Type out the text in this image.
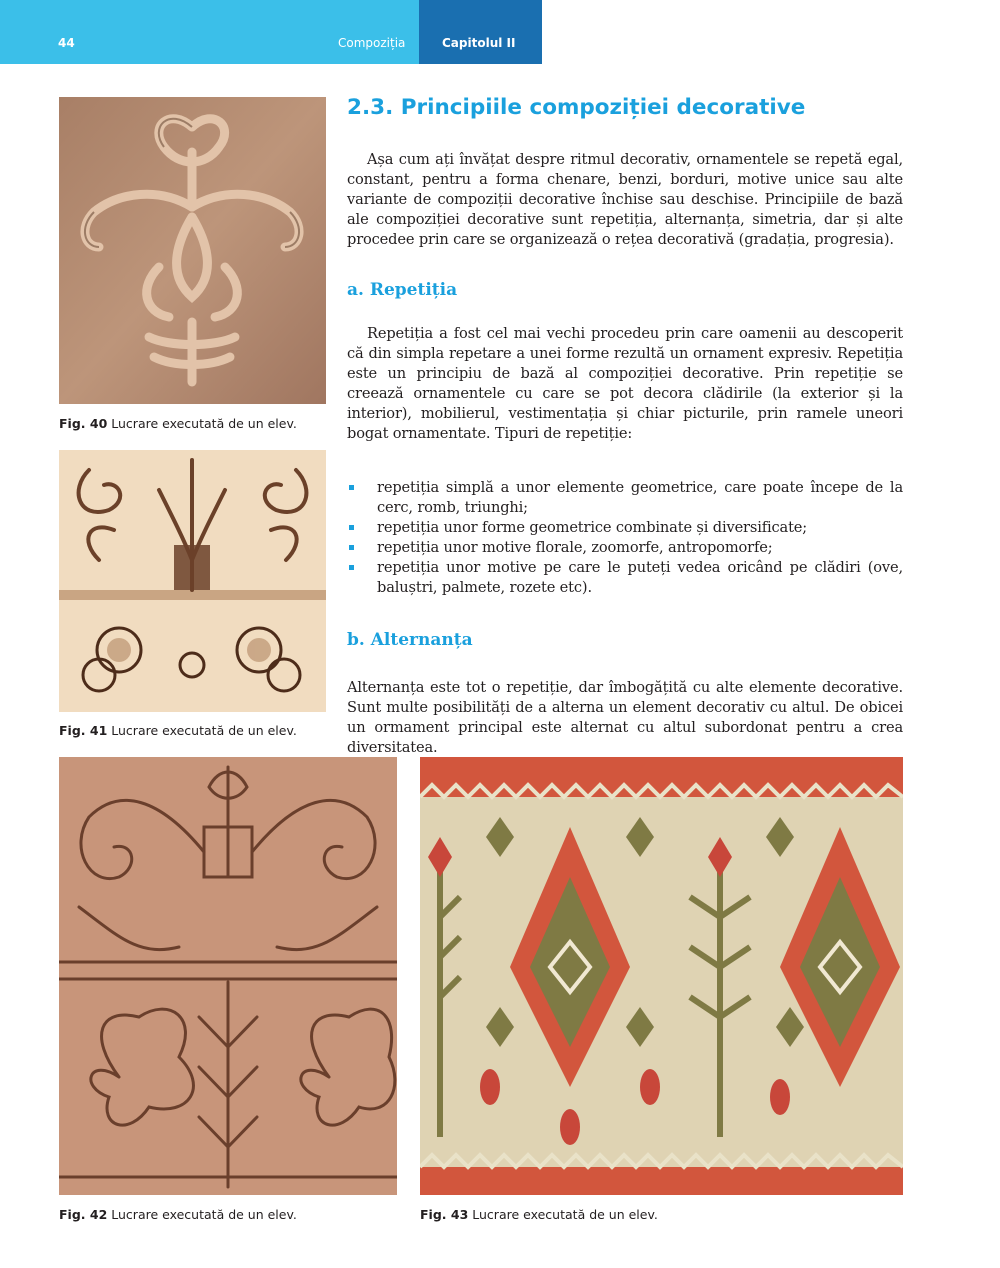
44	Compoziția	Capitolul II
Fig. 40 Lucrare executată de un elev.
Fig. 41 Lucrare executată de un elev.
Fig. 42 Lucrare executată de un elev.	Fig. 43 Lucrare executată de un elev.
2.3. Principiile compoziției decorative

Așa cum ați învățat despre ritmul decorativ, ornamentele se repetă egal, constant, pentru a forma chenare, benzi, borduri, motive unice sau alte variante de compoziții decorative închise sau deschise. Principiile de bază ale compoziției decorative sunt repetiția, alternanța, simetria, dar și alte procedee prin care se organizează o rețea decorativă (gradația, progresia).

a. Repetiția

Repetiția a fost cel mai vechi procedeu prin care oamenii au descoperit că din simpla repetare a unei forme rezultă un ornament expresiv. Repetiția este un principiu de bază al compoziției decorative. Prin repetiție se creează ornamentele cu care se pot decora clădirile (la exterior și la interior), mobilierul, vestimentația și chiar picturile, prin ramele uneori bogat ornamentate. Tipuri de repetiție:

repetiția simplă a unor elemente geometrice, care poate începe de la cerc, romb, triunghi;
repetiția unor forme geometrice combinate și diversificate;
repetiția unor motive florale, zoomorfe, antropomorfe;
repetiția unor motive pe care le puteți vedea oricând pe clădiri (ove, baluștri, palmete, rozete etc).
b. Alternanța

Alternanța este tot o repetiție, dar îmbogățită cu alte elemente decorative. Sunt multe posibilități de a alterna un element decorativ cu altul. De obicei un ormament principal este alternat cu altul subordonat pentru a crea diversitatea.
